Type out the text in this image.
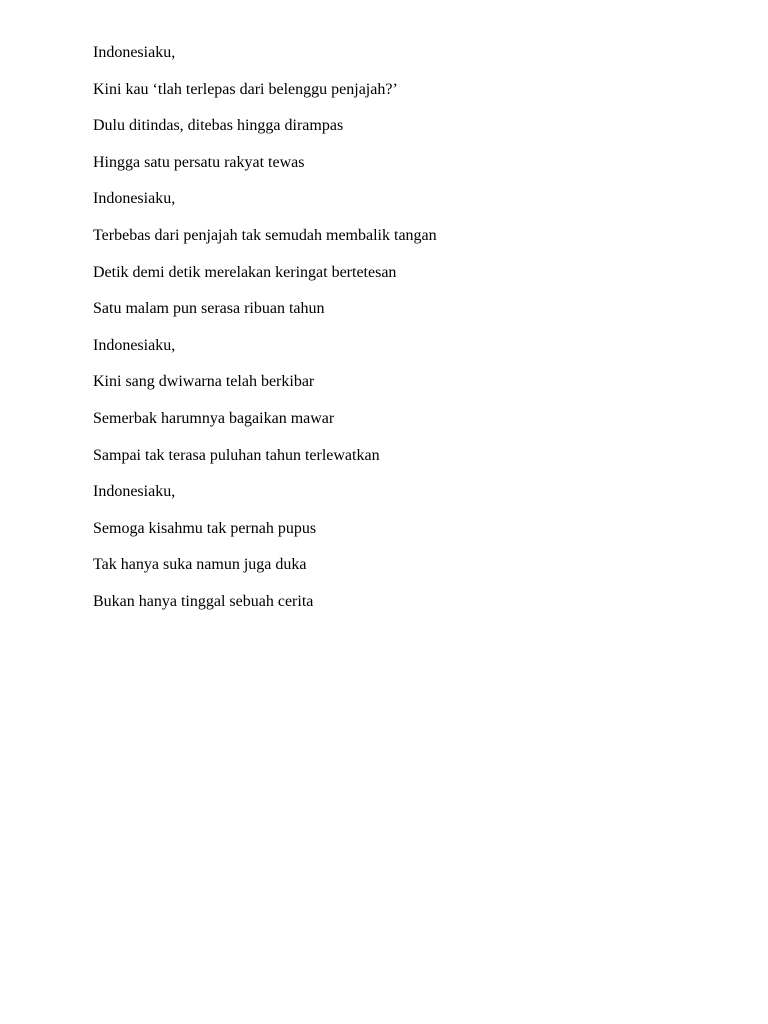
Indonesiaku,
Kini kau ‘tlah terlepas dari belenggu penjajah?’
Dulu ditindas, ditebas hingga dirampas
Hingga satu persatu rakyat tewas
Indonesiaku,
Terbebas dari penjajah tak semudah membalik tangan
Detik demi detik merelakan keringat bertetesan
Satu malam pun serasa ribuan tahun
Indonesiaku,
Kini sang dwiwarna telah berkibar
Semerbak harumnya bagaikan mawar
Sampai tak terasa puluhan tahun terlewatkan
Indonesiaku,
Semoga kisahmu tak pernah pupus
Tak hanya suka namun juga duka
Bukan hanya tinggal sebuah cerita
